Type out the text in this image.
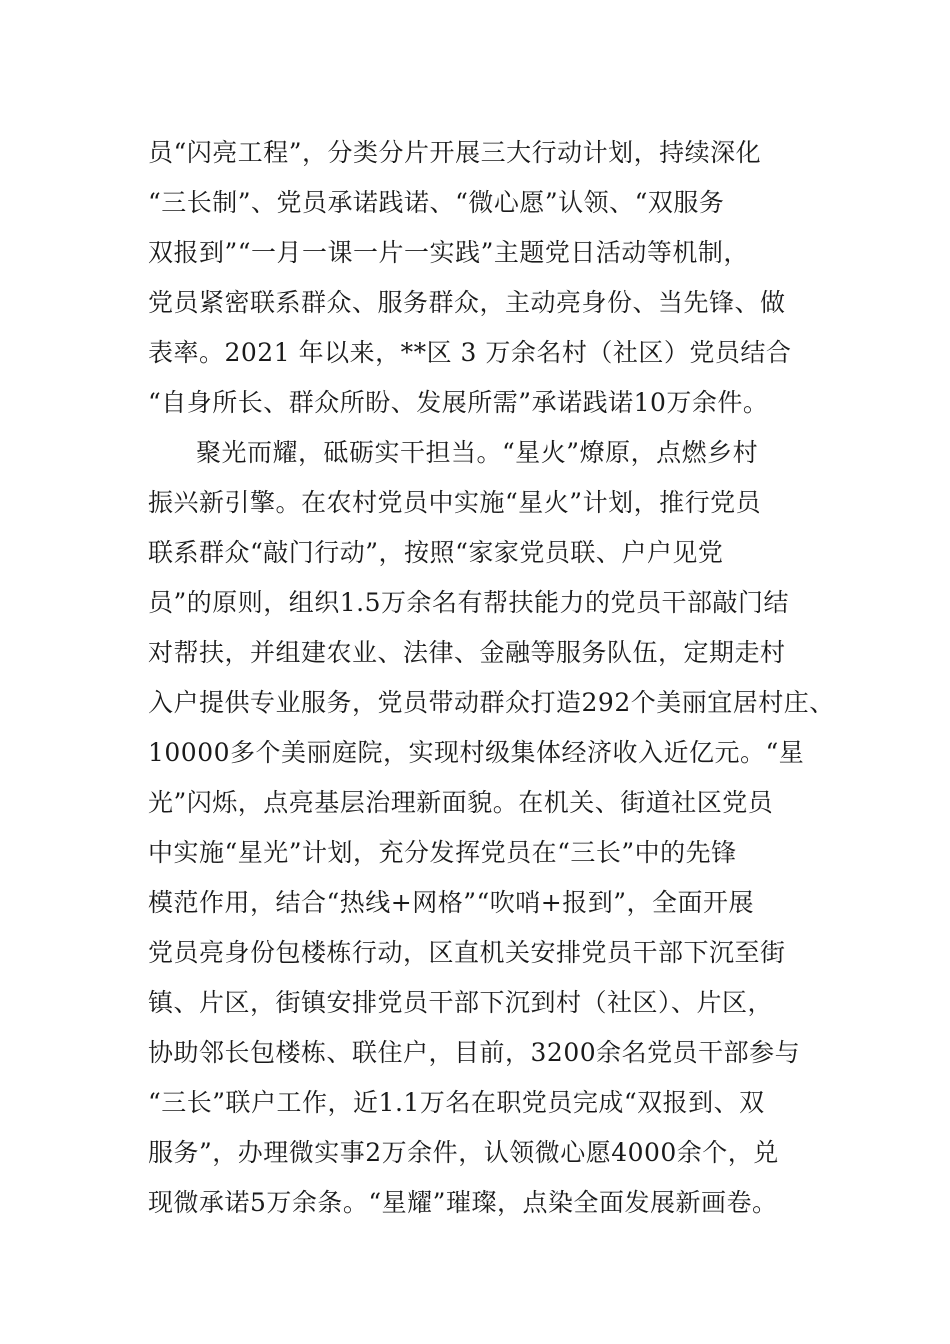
员“闪亮工程”，分类分片开展三大行动计划，持续深化
“三长制”、党员承诺践诺、“微心愿”认领、“双服务
双报到”“一月一课一片一实践”主题党日活动等机制，
党员紧密联系群众、服务群众，主动亮身份、当先锋、做
表率。2021 年以来，**区 3 万余名村（社区）党员结合
“自身所长、群众所盼、发展所需”承诺践诺10万余件。
聚光而耀，砥砺实干担当。“星火”燎原，点燃乡村
振兴新引擎。在农村党员中实施“星火”计划，推行党员
联系群众“敲门行动”，按照“家家党员联、户户见党
员”的原则，组织1.5万余名有帮扶能力的党员干部敲门结
对帮扶，并组建农业、法律、金融等服务队伍，定期走村
入户提供专业服务，党员带动群众打造292个美丽宜居村庄、
10000多个美丽庭院，实现村级集体经济收入近亿元。“星
光”闪烁，点亮基层治理新面貌。在机关、街道社区党员
中实施“星光”计划，充分发挥党员在“三长”中的先锋
模范作用，结合“热线+网格”“吹哨+报到”，全面开展
党员亮身份包楼栋行动，区直机关安排党员干部下沉至街
镇、片区，街镇安排党员干部下沉到村（社区）、片区，
协助邻长包楼栋、联住户，目前，3200余名党员干部参与
“三长”联户工作，近1.1万名在职党员完成“双报到、双
服务”，办理微实事2万余件，认领微心愿4000余个，兑
现微承诺5万余条。“星耀”璀璨，点染全面发展新画卷。
